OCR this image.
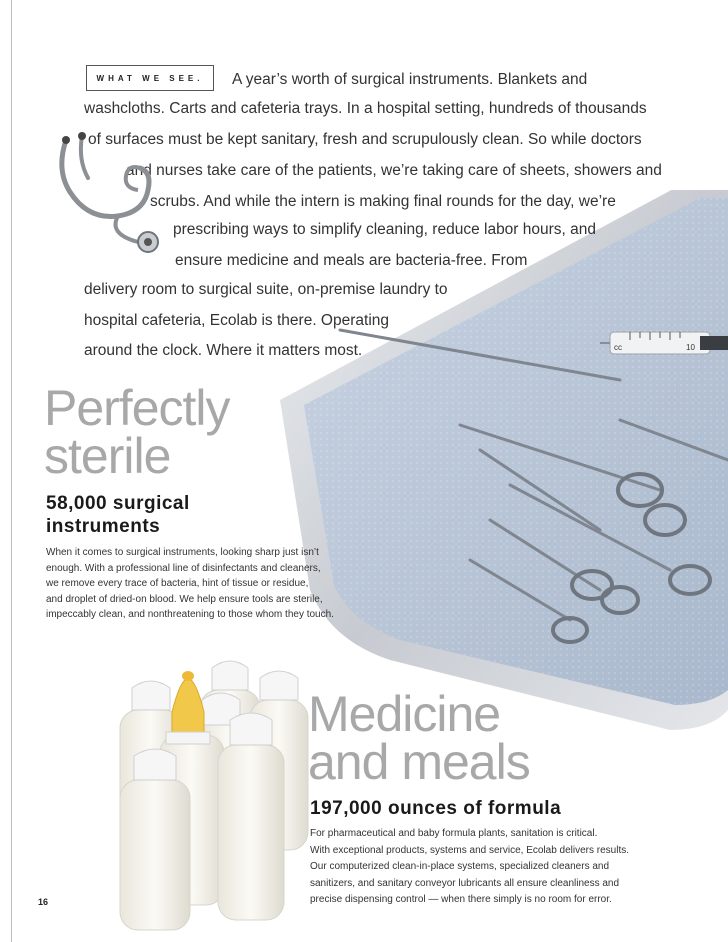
cc	10
WHAT WE SEE. A year’s worth of surgical instruments. Blankets and
washcloths. Carts and cafeteria trays. In a hospital setting, hundreds of thousands
of surfaces must be kept sanitary, fresh and scrupulously clean. So while doctors
and nurses take care of the patients, we’re taking care of sheets, showers and
scrubs. And while the intern is making final rounds for the day, we’re
prescribing ways to simplify cleaning, reduce labor hours, and
ensure medicine and meals are bacteria-free. From
delivery room to surgical suite, on-premise laundry to
hospital cafeteria, Ecolab is there. Operating
around the clock. Where it matters most.
Perfectly
sterile
58,000 surgical
instruments
When it comes to surgical instruments, looking sharp just isn’t
enough. With a professional line of disinfectants and cleaners,
we remove every trace of bacteria, hint of tissue or residue,
and droplet of dried-on blood. We help ensure tools are sterile,
impeccably clean, and nonthreatening to those whom they touch.
Medicine
and meals
197,000 ounces of formula
For pharmaceutical and baby formula plants, sanitation is critical.
With exceptional products, systems and service, Ecolab delivers results.
Our computerized clean-in-place systems, specialized cleaners and
sanitizers, and sanitary conveyor lubricants all ensure cleanliness and
precise dispensing control — when there simply is no room for error.
16
